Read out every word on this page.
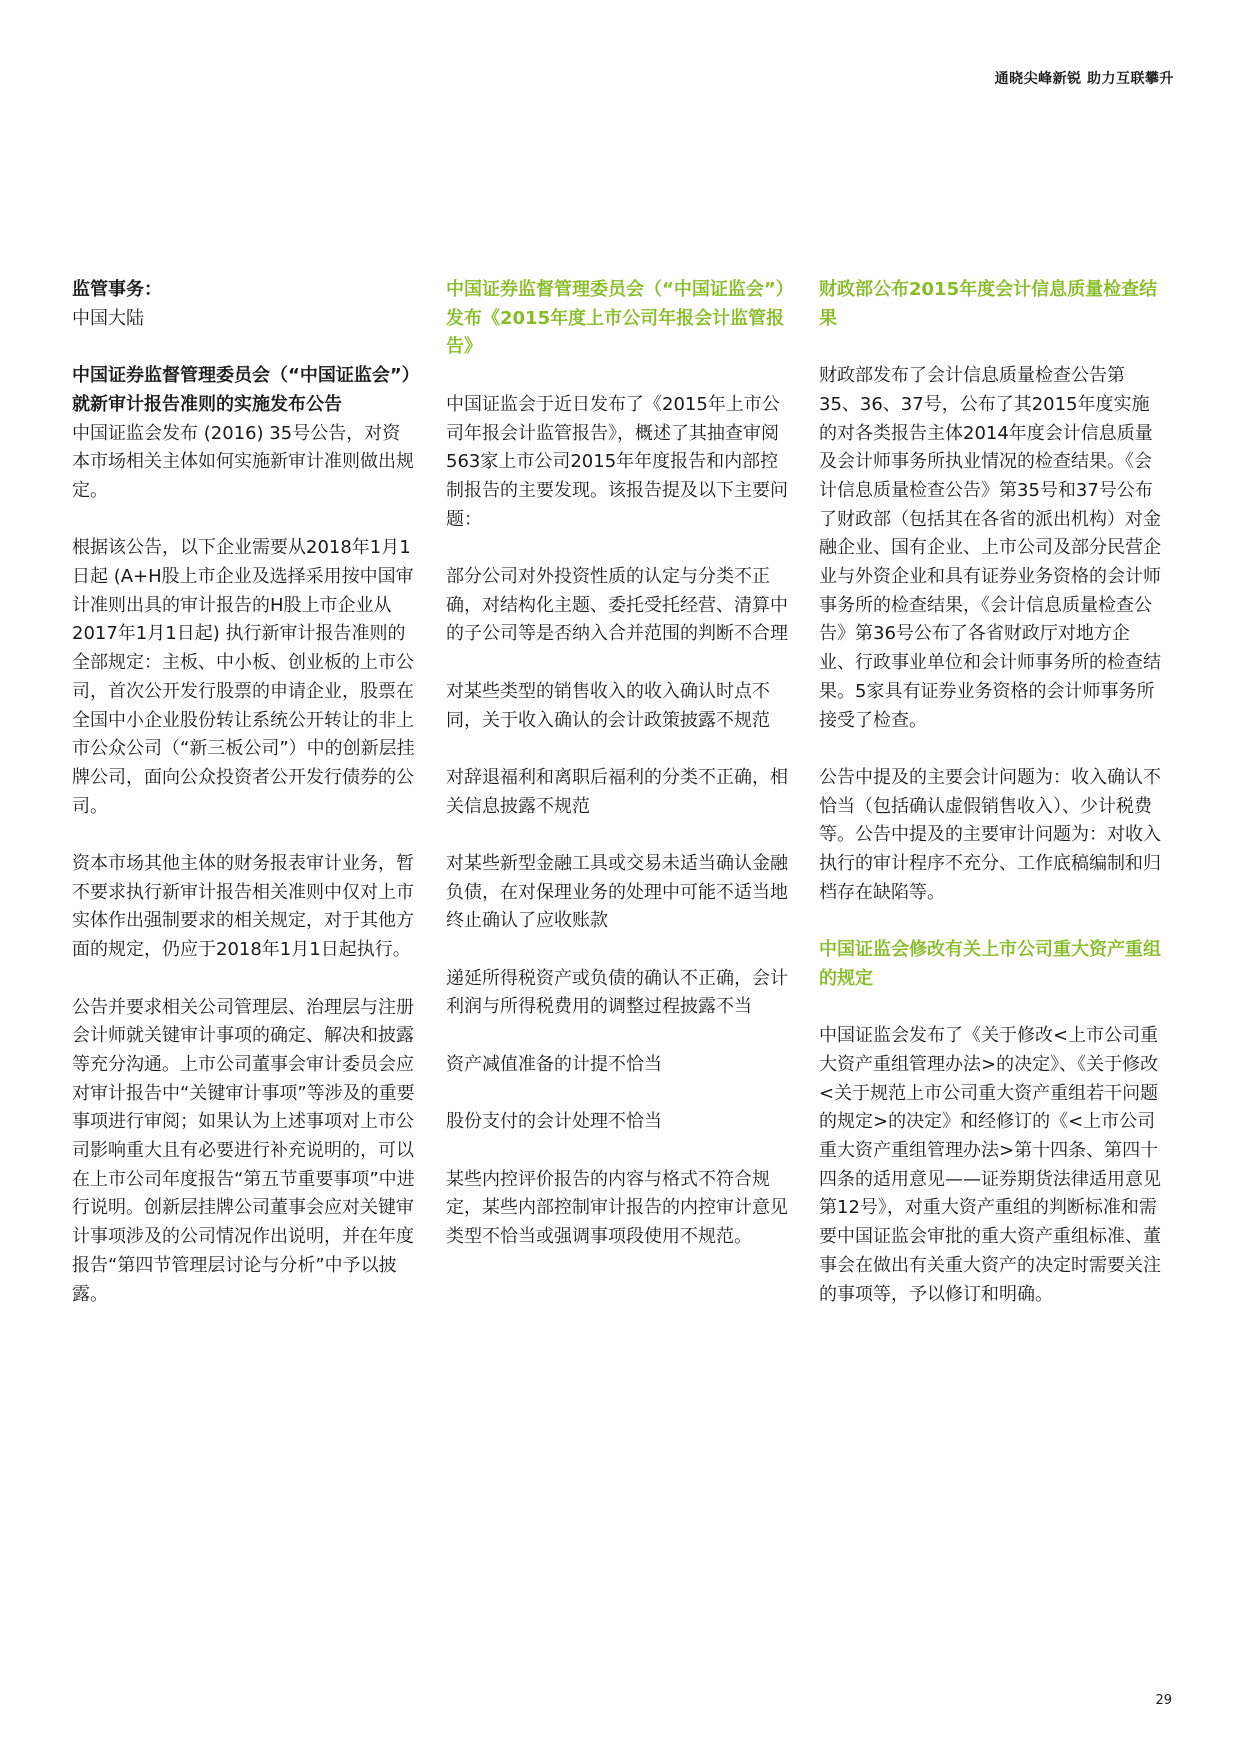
通晓尖峰新锐 助力互联攀升

监管事务：

中国大陆

中国证券监督管理委员会（“中国证监会”）就新审计报告准则的实施发布公告

中国证监会发布 (2016) 35号公告，对资本市场相关主体如何实施新审计准则做出规定。

根据该公告，以下企业需要从2018年1月1日起 (A+H股上市企业及选择采用按中国审计准则出具的审计报告的H股上市企业从2017年1月1日起) 执行新审计报告准则的全部规定：主板、中小板、创业板的上市公司，首次公开发行股票的申请企业，股票在全国中小企业股份转让系统公开转让的非上市公众公司（“新三板公司”）中的创新层挂牌公司，面向公众投资者公开发行债券的公司。

资本市场其他主体的财务报表审计业务，暂不要求执行新审计报告相关准则中仅对上市实体作出强制要求的相关规定，对于其他方面的规定，仍应于2018年1月1日起执行。

公告并要求相关公司管理层、治理层与注册会计师就关键审计事项的确定、解决和披露等充分沟通。上市公司董事会审计委员会应对审计报告中“关键审计事项”等涉及的重要事项进行审阅；如果认为上述事项对上市公司影响重大且有必要进行补充说明的，可以在上市公司年度报告“第五节重要事项”中进行说明。创新层挂牌公司董事会应对关键审计事项涉及的公司情况作出说明，并在年度报告“第四节管理层讨论与分析”中予以披露。

中国证券监督管理委员会（“中国证监会”）发布《2015年度上市公司年报会计监管报告》

中国证监会于近日发布了《2015年上市公司年报会计监管报告》，概述了其抽查审阅563家上市公司2015年年度报告和内部控制报告的主要发现。该报告提及以下主要问题：

部分公司对外投资性质的认定与分类不正确，对结构化主题、委托受托经营、清算中的子公司等是否纳入合并范围的判断不合理

对某些类型的销售收入的收入确认时点不同，关于收入确认的会计政策披露不规范

对辞退福利和离职后福利的分类不正确，相关信息披露不规范

对某些新型金融工具或交易未适当确认金融负债，在对保理业务的处理中可能不适当地终止确认了应收账款

递延所得税资产或负债的确认不正确，会计利润与所得税费用的调整过程披露不当

资产减值准备的计提不恰当

股份支付的会计处理不恰当

某些内控评价报告的内容与格式不符合规定，某些内部控制审计报告的内控审计意见类型不恰当或强调事项段使用不规范。

财政部公布2015年度会计信息质量检查结果

财政部发布了会计信息质量检查公告第35、36、37号，公布了其2015年度实施的对各类报告主体2014年度会计信息质量及会计师事务所执业情况的检查结果。《会计信息质量检查公告》第35号和37号公布了财政部（包括其在各省的派出机构）对金融企业、国有企业、上市公司及部分民营企业与外资企业和具有证券业务资格的会计师事务所的检查结果，《会计信息质量检查公告》第36号公布了各省财政厅对地方企业、行政事业单位和会计师事务所的检查结果。5家具有证券业务资格的会计师事务所接受了检查。

公告中提及的主要会计问题为：收入确认不恰当（包括确认虚假销售收入）、少计税费等。公告中提及的主要审计问题为：对收入执行的审计程序不充分、工作底稿编制和归档存在缺陷等。

中国证监会修改有关上市公司重大资产重组的规定

中国证监会发布了《关于修改<上市公司重大资产重组管理办法>的决定》、《关于修改<关于规范上市公司重大资产重组若干问题的规定>的决定》和经修订的《<上市公司重大资产重组管理办法>第十四条、第四十四条的适用意见——证券期货法律适用意见第12号》，对重大资产重组的判断标准和需要中国证监会审批的重大资产重组标准、董事会在做出有关重大资产的决定时需要关注的事项等，予以修订和明确。

29
